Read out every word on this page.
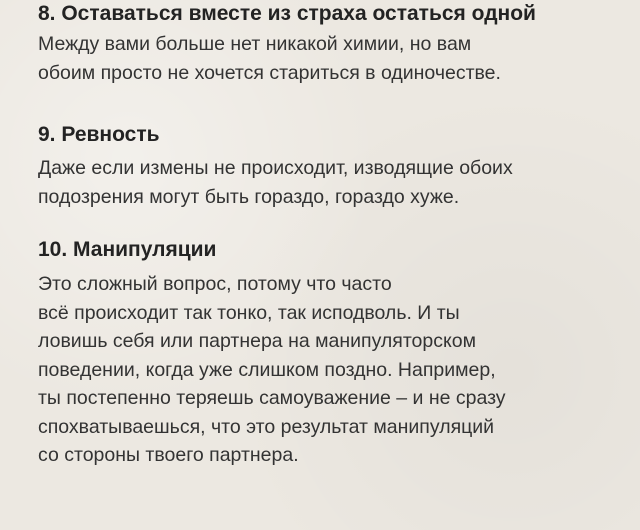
8. Оставаться вместе из страха остаться одной
Между вами больше нет никакой химии, но вам
обоим просто не хочется стариться в одиночестве.
9. Ревность
Даже если измены не происходит, изводящие обоих
подозрения могут быть гораздо, гораздо хуже.
10. Манипуляции
Это сложный вопрос, потому что часто
всё происходит так тонко, так исподволь. И ты
ловишь себя или партнера на манипуляторском
поведении, когда уже слишком поздно. Например,
ты постепенно теряешь самоуважение – и не сразу
спохватываешься, что это результат манипуляций
со стороны твоего партнера.
